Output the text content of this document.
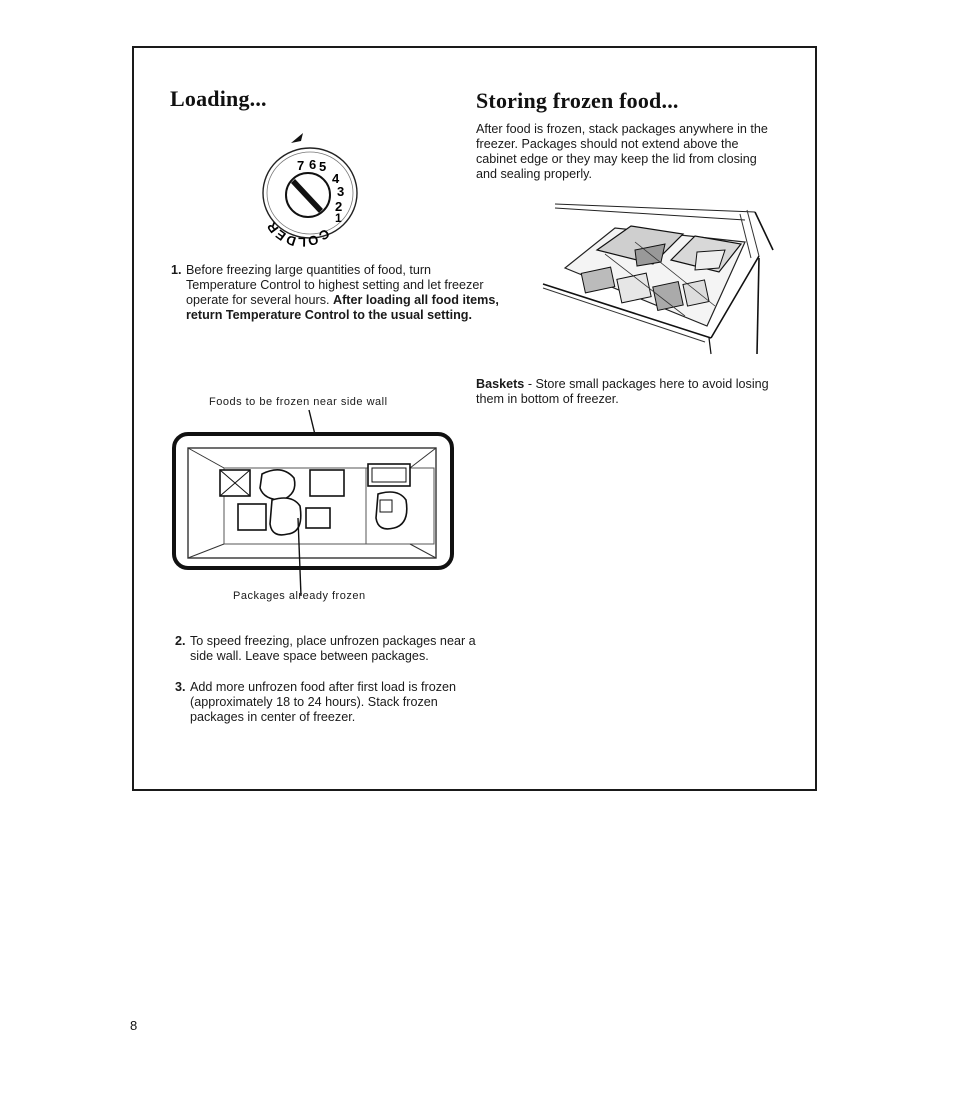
Loading...
7 6 5
4
3
2
1
COLDER
1. Before freezing large quantities of food, turn Temperature Control to highest setting and let freezer operate for several hours. After loading all food items, return Temperature Control to the usual setting.
Foods to be frozen near side wall
Packages already frozen
2. To speed freezing, place unfrozen packages near a side wall. Leave space between packages.
3. Add more unfrozen food after first load is frozen (approximately 18 to 24 hours). Stack frozen packages in center of freezer.
Storing frozen food...

After food is frozen, stack packages anywhere in the freezer. Packages should not extend above the cabinet edge or they may keep the lid from closing and sealing properly.

Baskets - Store small packages here to avoid losing them in bottom of freezer.

8
